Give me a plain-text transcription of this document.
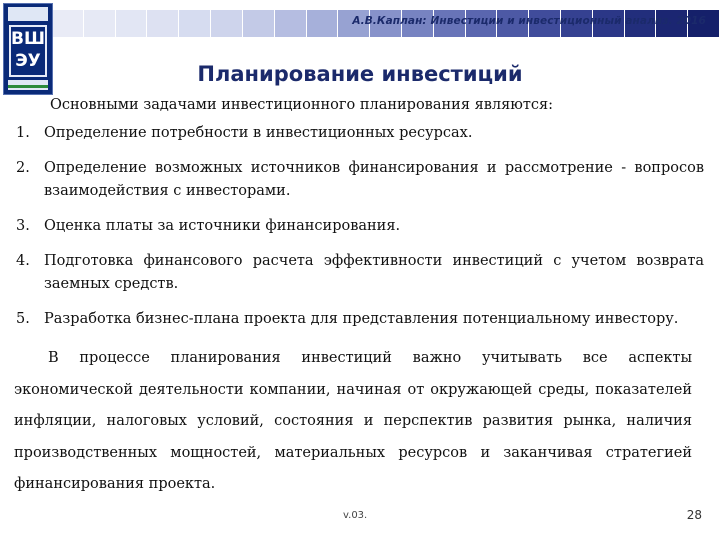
А.В.Каплан: Инвестиции и инвестиционный анализ. 2016
ВШ
ЭУ
Планирование инвестиций
Основными задачами инвестиционного планирования являются:
1. Определение потребности в инвестиционных ресурсах.
2. Определение возможных источников финансирования и рассмотрение - вопросов взаимодействия с инвесторами.
3. Оценка платы за источники финансирования.
4. Подготовка финансового расчета эффективности инвестиций с учетом возврата заемных средств.
5. Разработка бизнес-плана проекта для представления потенциальному инвестору.
В процессе планирования инвестиций важно учитывать все аспекты экономической деятельности компании, начиная от окружающей среды, показателей инфляции, налоговых условий, состояния и перспектив развития рынка, наличия производственных мощностей, материальных ресурсов и заканчивая стратегией финансирования проекта.
v.03.	28
